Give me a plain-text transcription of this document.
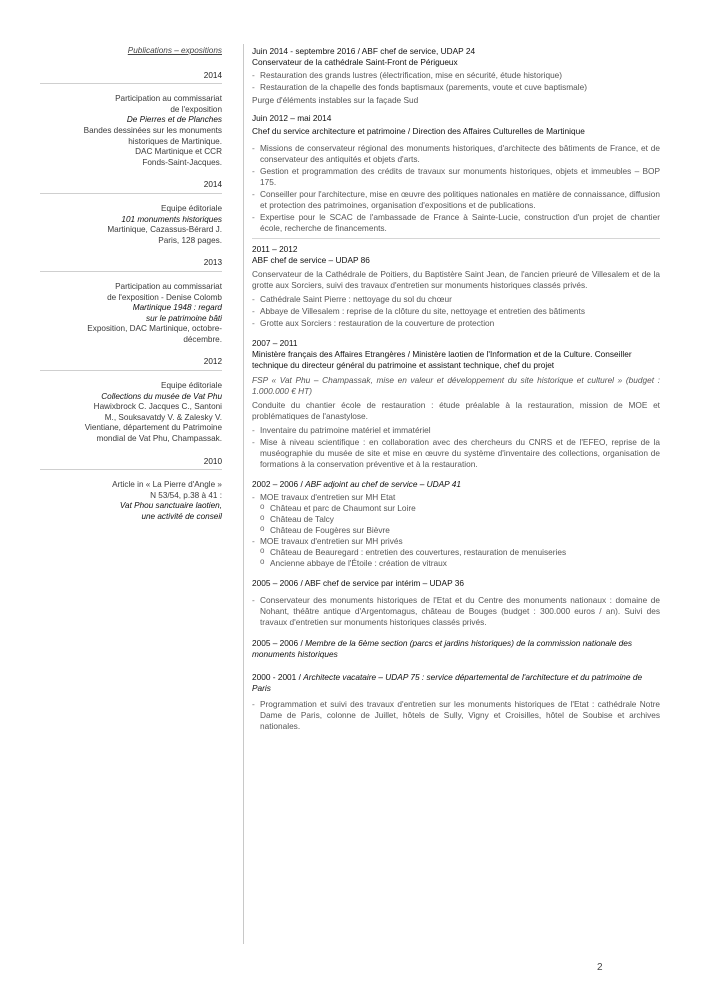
Publications – expositions
2014
Participation au commissariat
de l'exposition
De Pierres et de Planches
Bandes dessinées sur les monuments
historiques de Martinique.
DAC Martinique et CCR
Fonds-Saint-Jacques.
2014
Equipe éditoriale
101 monuments historiques
Martinique, Cazassus-Bérard J.
Paris, 128 pages.
2013
Participation au commissariat
de l'exposition - Denise Colomb
Martinique 1948 : regard
sur le patrimoine bâti
Exposition, DAC Martinique, octobre-
décembre.
2012
Equipe éditoriale
Collections du musée de Vat Phu
Hawixbrock C. Jacques C., Santoni
M., Souksavatdy V. & Zalesky V.
Vientiane, département du Patrimoine
mondial de Vat Phu, Champassak.
2010
Article in « La Pierre d'Angle »
N 53/54, p.38 à 41 :
Vat Phou sanctuaire laotien,
une activité de conseil
Juin 2014 - septembre 2016 / ABF chef de service, UDAP 24
Conservateur de la cathédrale Saint-Front de Périgueux
- Restauration des grands lustres (électrification, mise en sécurité, étude historique)
- Restauration de la chapelle des fonds baptismaux (parements, voute et cuve baptismale)
Purge d'éléments instables sur la façade Sud
Juin 2012 – mai 2014
Chef du service architecture et patrimoine / Direction des Affaires Culturelles de Martinique
- Missions de conservateur régional des monuments historiques, d'architecte des bâtiments de France, et de conservateur des antiquités et objets d'arts.
- Gestion et programmation des crédits de travaux sur monuments historiques, objets et immeubles – BOP 175.
- Conseiller pour l'architecture, mise en œuvre des politiques nationales en matière de connaissance, diffusion et protection des patrimoines, organisation d'expositions et de publications.
- Expertise pour le SCAC de l'ambassade de France à Sainte-Lucie, construction d'un projet de chantier école, recherche de financements.
2011 – 2012
ABF chef de service – UDAP 86
Conservateur de la Cathédrale de Poitiers, du Baptistère Saint Jean, de l'ancien prieuré de Villesalem et de la grotte aux Sorciers, suivi des travaux d'entretien sur monuments historiques classés privés.
- Cathédrale Saint Pierre : nettoyage du sol du chœur
- Abbaye de Villesalem : reprise de la clôture du site, nettoyage et entretien des bâtiments
- Grotte aux Sorciers : restauration de la couverture de protection
2007 – 2011
Ministère français des Affaires Etrangères / Ministère laotien de l'Information et de la Culture. Conseiller technique du directeur général du patrimoine et assistant technique, chef du projet
FSP « Vat Phu – Champassak, mise en valeur et développement du site historique et culturel » (budget : 1.000.000 € HT)
Conduite du chantier école de restauration : étude préalable à la restauration, mission de MOE et problématiques de l'anastylose.
- Inventaire du patrimoine matériel et immatériel
- Mise à niveau scientifique : en collaboration avec des chercheurs du CNRS et de l'EFEO, reprise de la muséographie du musée de site et mise en œuvre du système d'inventaire des collections, organisation de formations à la conservation préventive et à la restauration.
2002 – 2006 / ABF adjoint au chef de service – UDAP 41
- MOE travaux d'entretien sur MH Etat
o Château et parc de Chaumont sur Loire
o Château de Talcy
o Château de Fougères sur Bièvre
- MOE travaux d'entretien sur MH privés
o Château de Beauregard : entretien des couvertures, restauration de menuiseries
o Ancienne abbaye de l'Étoile : création de vitraux
2005 – 2006 / ABF chef de service par intérim – UDAP 36
- Conservateur des monuments historiques de l'Etat et du Centre des monuments nationaux : domaine de Nohant, théâtre antique d'Argentomagus, château de Bouges (budget : 300.000 euros / an). Suivi des travaux d'entretien sur monuments historiques classés privés.
2005 – 2006 / Membre de la 6ème section (parcs et jardins historiques) de la commission nationale des monuments historiques
2000 - 2001 / Architecte vacataire – UDAP 75 : service départemental de l'architecture et du patrimoine de Paris
- Programmation et suivi des travaux d'entretien sur les monuments historiques de l'Etat : cathédrale Notre Dame de Paris, colonne de Juillet, hôtels de Sully, Vigny et Croisilles, hôtel de Soubise et archives nationales.
2
